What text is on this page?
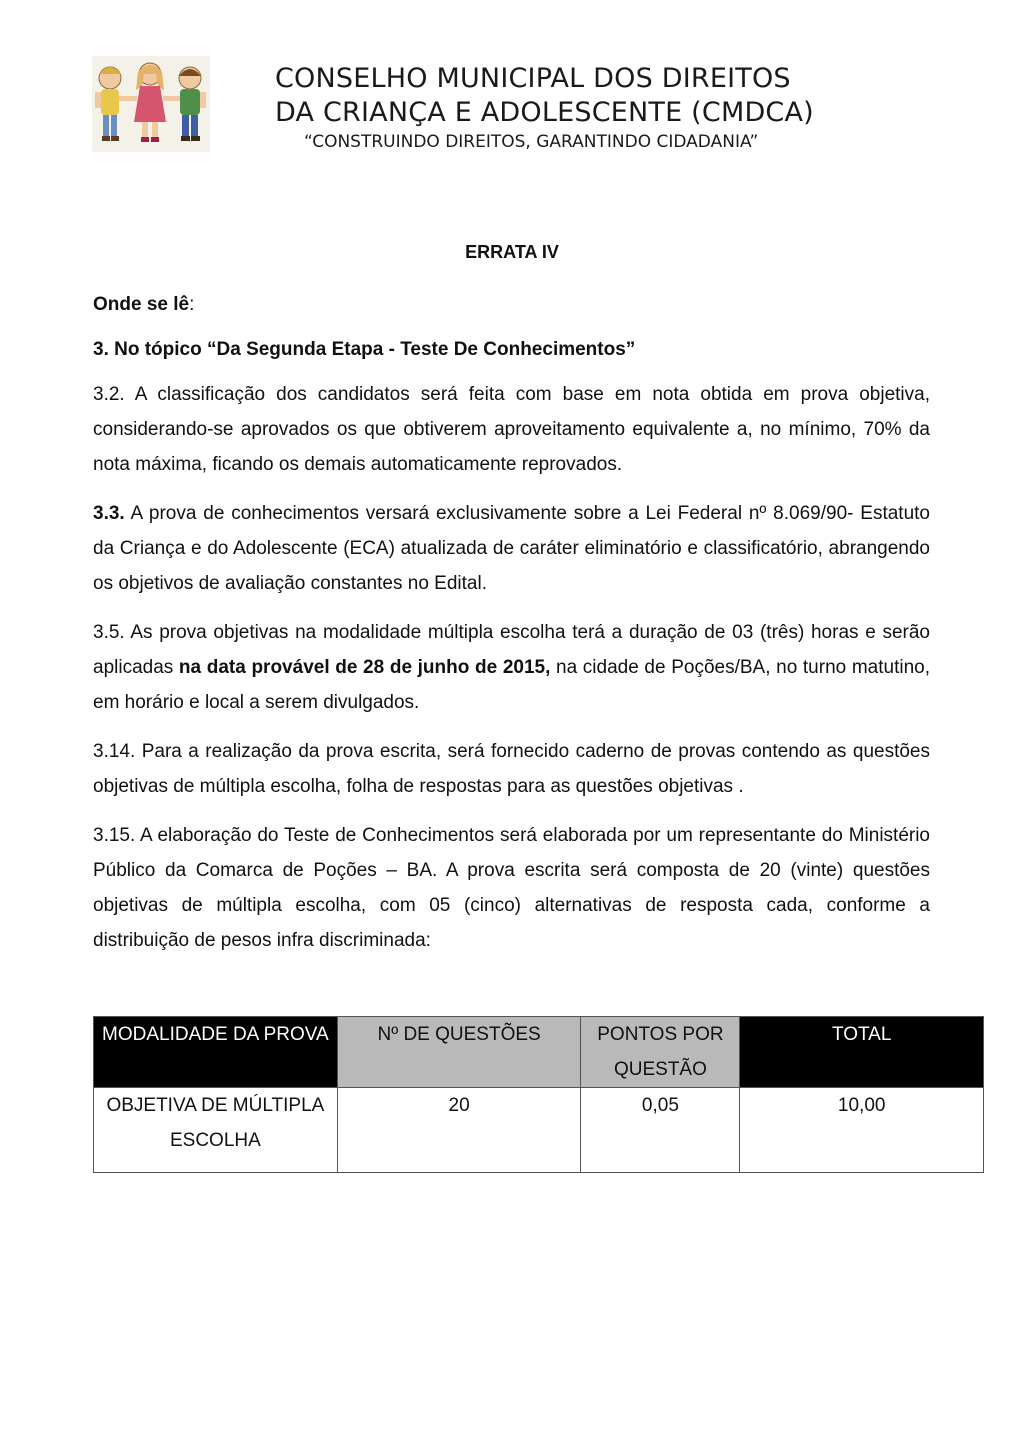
CONSELHO MUNICIPAL DOS DIREITOS
DA CRIANÇA E ADOLESCENTE (CMDCA)
“CONSTRUINDO DIREITOS, GARANTINDO CIDADANIA”
ERRATA IV

Onde se lê:

3. No tópico “Da Segunda Etapa - Teste De Conhecimentos”

3.2. A classificação dos candidatos será feita com base em nota obtida em prova objetiva, considerando-se aprovados os que obtiverem aproveitamento equivalente a, no mínimo, 70% da nota máxima, ficando os demais automaticamente reprovados.

3.3. A prova de conhecimentos versará exclusivamente sobre a Lei Federal nº 8.069/90- Estatuto da Criança e do Adolescente (ECA) atualizada de caráter eliminatório e classificatório, abrangendo os objetivos de avaliação constantes no Edital.

3.5. As prova objetivas na modalidade múltipla escolha terá a duração de 03 (três) horas e serão aplicadas na data provável de 28 de junho de 2015, na cidade de Poções/BA, no turno matutino, em horário e local a serem divulgados.

3.14. Para a realização da prova escrita, será fornecido caderno de provas contendo as questões objetivas de múltipla escolha, folha de respostas para as questões objetivas .

3.15. A elaboração do Teste de Conhecimentos será elaborada por um representante do Ministério Público da Comarca de Poções – BA. A prova escrita será composta de 20 (vinte) questões objetivas de múltipla escolha, com 05 (cinco) alternativas de resposta cada, conforme a distribuição de pesos infra discriminada:

MODALIDADE DA PROVA	Nº DE QUESTÕES	PONTOS POR QUESTÃO	TOTAL
OBJETIVA DE MÚLTIPLA ESCOLHA	20	0,05	10,00
